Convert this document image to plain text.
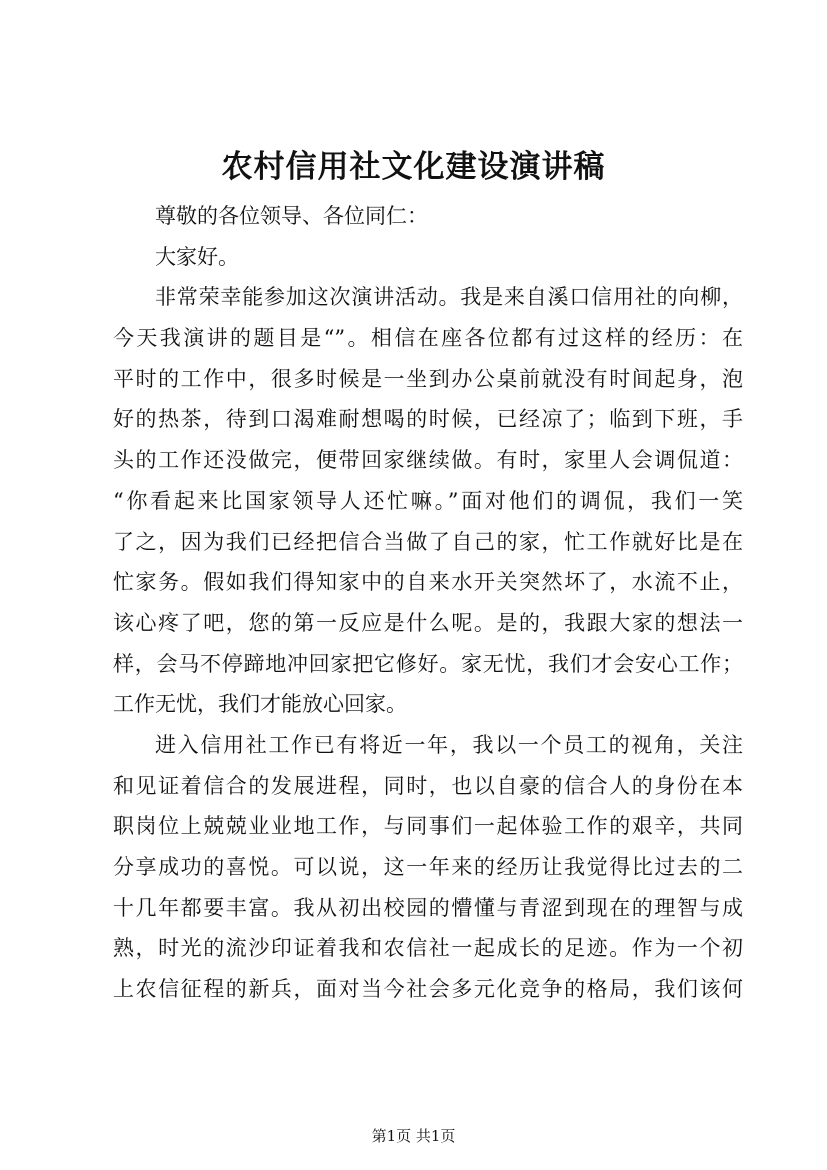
农村信用社文化建设演讲稿
尊敬的各位领导、各位同仁：
大家好。
非常荣幸能参加这次演讲活动。我是来自溪口信用社的向柳，
今天我演讲的题目是“”。相信在座各位都有过这样的经历：在
平时的工作中，很多时候是一坐到办公桌前就没有时间起身，泡
好的热茶，待到口渴难耐想喝的时候，已经凉了；临到下班，手
头的工作还没做完，便带回家继续做。有时，家里人会调侃道：
“你看起来比国家领导人还忙嘛。”面对他们的调侃，我们一笑
了之，因为我们已经把信合当做了自己的家，忙工作就好比是在
忙家务。假如我们得知家中的自来水开关突然坏了，水流不止，
该心疼了吧，您的第一反应是什么呢。是的，我跟大家的想法一
样，会马不停蹄地冲回家把它修好。家无忧，我们才会安心工作；
工作无忧，我们才能放心回家。
进入信用社工作已有将近一年，我以一个员工的视角，关注
和见证着信合的发展进程，同时，也以自豪的信合人的身份在本
职岗位上兢兢业业地工作，与同事们一起体验工作的艰辛，共同
分享成功的喜悦。可以说，这一年来的经历让我觉得比过去的二
十几年都要丰富。我从初出校园的懵懂与青涩到现在的理智与成
熟，时光的流沙印证着我和农信社一起成长的足迹。作为一个初
上农信征程的新兵，面对当今社会多元化竞争的格局，我们该何
第1页 共1页
